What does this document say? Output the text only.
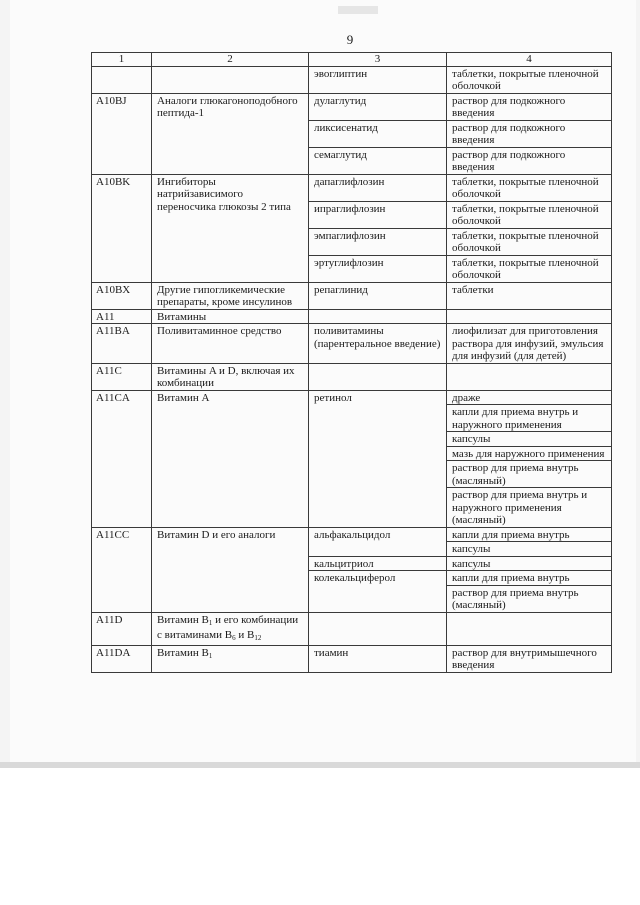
9
1	2	3	4
		эвоглиптин	таблетки, покрытые пленочной оболочкой
A10BJ	Аналоги глюкагоноподобного пептида-1	дулаглутид	раствор для подкожного введения
		ликсисенатид	раствор для подкожного введения
		семаглутид	раствор для подкожного введения
A10BK	Ингибиторы натрийзависимого переносчика глюкозы 2 типа	дапаглифлозин	таблетки, покрытые пленочной оболочкой
		ипраглифлозин	таблетки, покрытые пленочной оболочкой
		эмпаглифлозин	таблетки, покрытые пленочной оболочкой
		эртуглифлозин	таблетки, покрытые пленочной оболочкой
A10BX	Другие гипогликемические препараты, кроме инсулинов	репаглинид	таблетки
A11	Витамины		
A11BA	Поливитаминное средство	поливитамины (парентеральное введение)	лиофилизат для приготовления раствора для инфузий, эмульсия для инфузий (для детей)
A11C	Витамины A и D, включая их комбинации		
A11CA	Витамин A	ретинол	драже
			капли для приема внутрь и наружного применения
			капсулы
			мазь для наружного применения
			раствор для приема внутрь (масляный)
			раствор для приема внутрь и наружного применения (масляный)
A11CC	Витамин D и его аналоги	альфакальцидол	капли для приема внутрь
			капсулы
		кальцитриол	капсулы
		колекальциферол	капли для приема внутрь
			раствор для приема внутрь (масляный)
A11D	Витамин B1 и его комбинации с витаминами B6 и B12		
A11DA	Витамин B1	тиамин	раствор для внутримышечного введения
